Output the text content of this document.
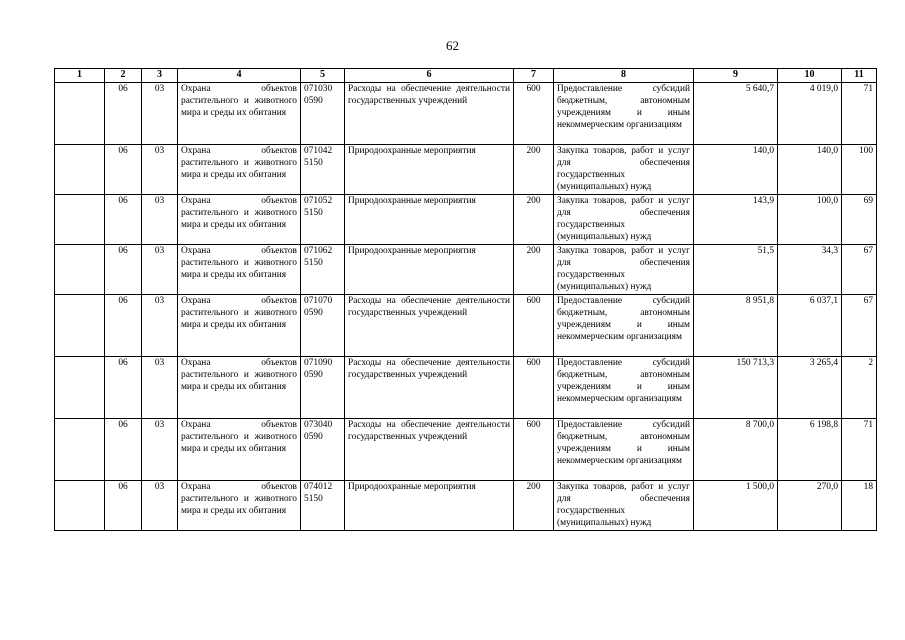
62
1	2	3	4	5	6	7	8	9	10	11
	06	03	Охрана объектов растительного и животного мира и среды их обитания	071030 0590	Расходы на обеспечение деятельности государственных учреждений	600	Предоставление субсидий бюджетным, автономным учреждениям и иным некоммерческим организациям	5 640,7	4 019,0	71
	06	03	Охрана объектов растительного и животного мира и среды их обитания	071042 5150	Природоохранные мероприятия	200	Закупка товаров, работ и услуг для обеспечения государственных (муниципальных) нужд	140,0	140,0	100
	06	03	Охрана объектов растительного и животного мира и среды их обитания	071052 5150	Природоохранные мероприятия	200	Закупка товаров, работ и услуг для обеспечения государственных (муниципальных) нужд	143,9	100,0	69
	06	03	Охрана объектов растительного и животного мира и среды их обитания	071062 5150	Природоохранные мероприятия	200	Закупка товаров, работ и услуг для обеспечения государственных (муниципальных) нужд	51,5	34,3	67
	06	03	Охрана объектов растительного и животного мира и среды их обитания	071070 0590	Расходы на обеспечение деятельности государственных учреждений	600	Предоставление субсидий бюджетным, автономным учреждениям и иным некоммерческим организациям	8 951,8	6 037,1	67
	06	03	Охрана объектов растительного и животного мира и среды их обитания	071090 0590	Расходы на обеспечение деятельности государственных учреждений	600	Предоставление субсидий бюджетным, автономным учреждениям и иным некоммерческим организациям	150 713,3	3 265,4	2
	06	03	Охрана объектов растительного и животного мира и среды их обитания	073040 0590	Расходы на обеспечение деятельности государственных учреждений	600	Предоставление субсидий бюджетным, автономным учреждениям и иным некоммерческим организациям	8 700,0	6 198,8	71
	06	03	Охрана объектов растительного и животного мира и среды их обитания	074012 5150	Природоохранные мероприятия	200	Закупка товаров, работ и услуг для обеспечения государственных (муниципальных) нужд	1 500,0	270,0	18
